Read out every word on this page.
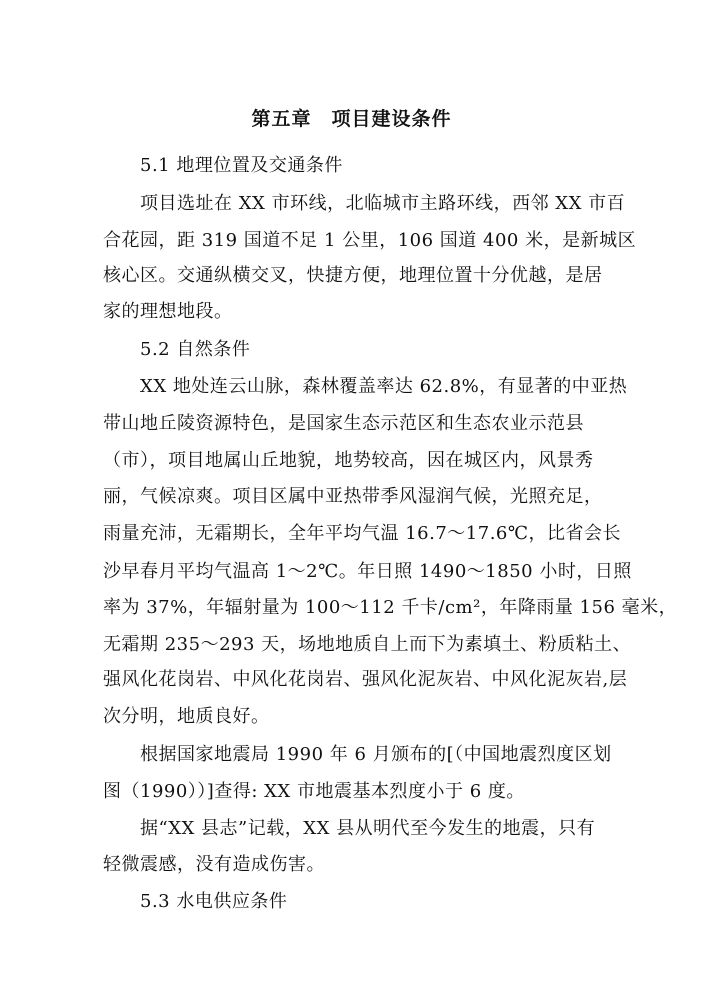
第五章　项目建设条件
5.1 地理位置及交通条件
项目选址在 XX 市环线，北临城市主路环线，西邻 XX 市百
合花园，距 319 国道不足 1 公里，106 国道 400 米，是新城区
核心区。交通纵横交叉，快捷方便，地理位置十分优越，是居
家的理想地段。
5.2 自然条件
XX 地处连云山脉，森林覆盖率达 62.8%，有显著的中亚热
带山地丘陵资源特色，是国家生态示范区和生态农业示范县
（市），项目地属山丘地貌，地势较高，因在城区内，风景秀
丽，气候凉爽。项目区属中亚热带季风湿润气候，光照充足，
雨量充沛，无霜期长，全年平均气温 16.7～17.6℃，比省会长
沙早春月平均气温高 1～2℃。年日照 1490～1850 小时，日照
率为 37%，年辐射量为 100～112 千卡/cm²，年降雨量 156 毫米，
无霜期 235～293 天，场地地质自上而下为素填土、粉质粘土、
强风化花岗岩、中风化花岗岩、强风化泥灰岩、中风化泥灰岩,层
次分明，地质良好。
根据国家地震局 1990 年 6 月颁布的[（中国地震烈度区划
图（1990））]查得: XX 市地震基本烈度小于 6 度。
据“XX 县志”记载，XX 县从明代至今发生的地震，只有
轻微震感，没有造成伤害。
5.3 水电供应条件
